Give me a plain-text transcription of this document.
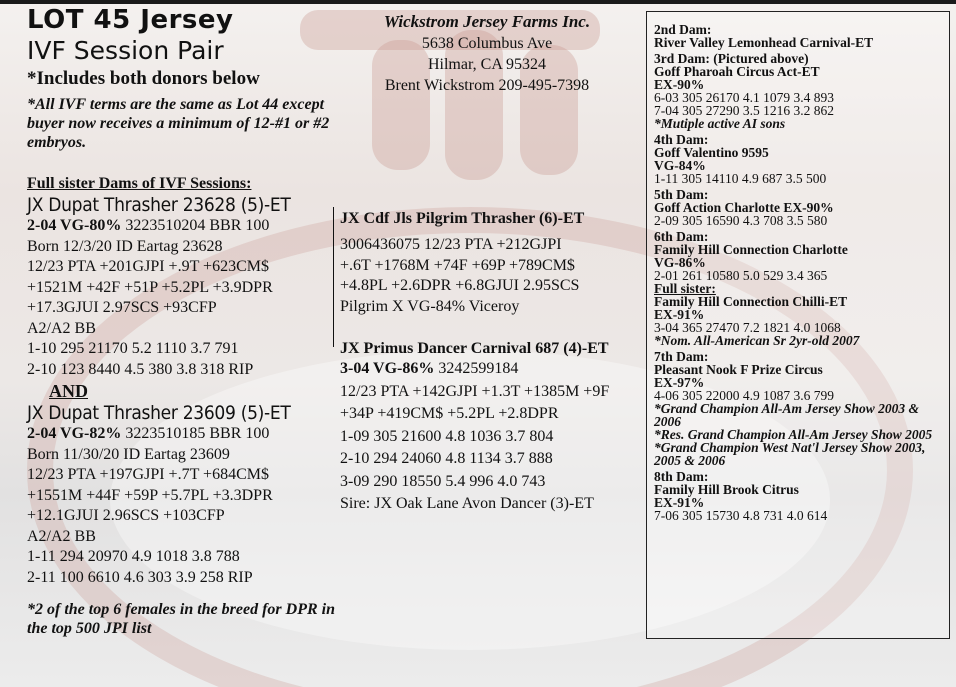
LOT 45 Jersey
IVF Session Pair
*Includes both donors below
*All IVF terms are the same as Lot 44 except buyer now receives a minimum of 12-#1 or #2 embryos.
Full sister Dams of IVF Sessions:
JX Dupat Thrasher 23628 (5)-ET
2-04 VG-80% 3223510204 BBR 100
Born 12/3/20 ID Eartag 23628
12/23 PTA +201GJPI +.9T +623CM$
+1521M +42F +51P +5.2PL +3.9DPR
+17.3GJUI 2.97SCS +93CFP
A2/A2 BB
1-10 295 21170 5.2 1110 3.7 791
2-10 123 8440 4.5 380 3.8 318 RIP
AND
JX Dupat Thrasher 23609 (5)-ET
2-04 VG-82% 3223510185 BBR 100
Born 11/30/20 ID Eartag 23609
12/23 PTA +197GJPI +.7T +684CM$
+1551M +44F +59P +5.7PL +3.3DPR
+12.1GJUI 2.96SCS +103CFP
A2/A2 BB
1-11 294 20970 4.9 1018 3.8 788
2-11 100 6610 4.6 303 3.9 258 RIP
*2 of the top 6 females in the breed for DPR in the top 500 JPI list
Wickstrom Jersey Farms Inc.
5638 Columbus Ave
Hilmar, CA 95324
Brent Wickstrom 209-495-7398
JX Cdf Jls Pilgrim Thrasher (6)-ET
3006436075 12/23 PTA +212GJPI
+.6T +1768M +74F +69P +789CM$
+4.8PL +2.6DPR +6.8GJUI 2.95SCS
Pilgrim X VG-84% Viceroy
JX Primus Dancer Carnival 687 (4)-ET
3-04 VG-86% 3242599184
12/23 PTA +142GJPI +1.3T +1385M +9F
+34P +419CM$ +5.2PL +2.8DPR
1-09 305 21600 4.8 1036 3.7 804
2-10 294 24060 4.8 1134 3.7 888
3-09 290 18550 5.4 996 4.0 743
Sire: JX Oak Lane Avon Dancer (3)-ET
2nd Dam:
River Valley Lemonhead Carnival-ET
3rd Dam: (Pictured above)
Goff Pharoah Circus Act-ET
EX-90%
6-03 305 26170 4.1 1079 3.4 893
7-04 305 27290 3.5 1216 3.2 862
*Mutiple active AI sons
4th Dam:
Goff Valentino 9595
VG-84%
1-11 305 14110 4.9 687 3.5 500
5th Dam:
Goff Action Charlotte EX-90%
2-09 305 16590 4.3 708 3.5 580
6th Dam:
Family Hill Connection Charlotte
VG-86%
2-01 261 10580 5.0 529 3.4 365
Full sister:
Family Hill Connection Chilli-ET
EX-91%
3-04 365 27470 7.2 1821 4.0 1068
*Nom. All-American Sr 2yr-old 2007
7th Dam:
Pleasant Nook F Prize Circus
EX-97%
4-06 305 22000 4.9 1087 3.6 799
*Grand Champion All-Am Jersey Show 2003 & 2006
*Res. Grand Champion All-Am Jersey Show 2005
*Grand Champion West Nat'l Jersey Show 2003, 2005 & 2006
8th Dam:
Family Hill Brook Citrus
EX-91%
7-06 305 15730 4.8 731 4.0 614
